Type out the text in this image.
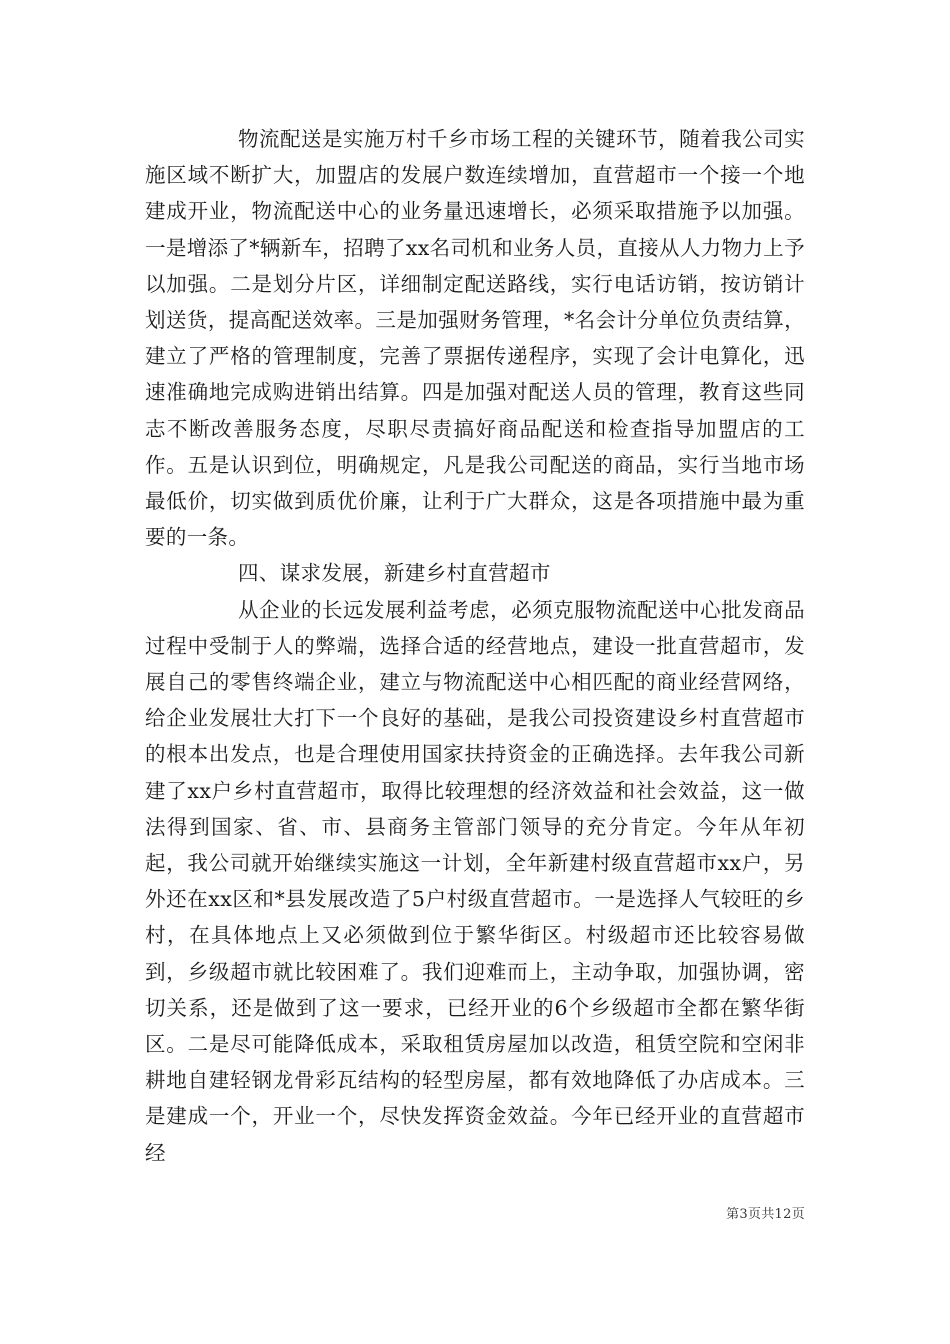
物流配送是实施万村千乡市场工程的关键环节，随着我公司实施区域不断扩大，加盟店的发展户数连续增加，直营超市一个接一个地建成开业，物流配送中心的业务量迅速增长，必须采取措施予以加强。一是增添了*辆新车，招聘了xx名司机和业务人员，直接从人力物力上予以加强。二是划分片区，详细制定配送路线，实行电话访销，按访销计划送货，提高配送效率。三是加强财务管理，*名会计分单位负责结算，建立了严格的管理制度，完善了票据传递程序，实现了会计电算化，迅速准确地完成购进销出结算。四是加强对配送人员的管理，教育这些同志不断改善服务态度，尽职尽责搞好商品配送和检查指导加盟店的工作。五是认识到位，明确规定，凡是我公司配送的商品，实行当地市场最低价，切实做到质优价廉，让利于广大群众，这是各项措施中最为重要的一条。

四、谋求发展，新建乡村直营超市

从企业的长远发展利益考虑，必须克服物流配送中心批发商品过程中受制于人的弊端，选择合适的经营地点，建设一批直营超市，发展自己的零售终端企业，建立与物流配送中心相匹配的商业经营网络，给企业发展壮大打下一个良好的基础，是我公司投资建设乡村直营超市的根本出发点，也是合理使用国家扶持资金的正确选择。去年我公司新建了xx户乡村直营超市，取得比较理想的经济效益和社会效益，这一做法得到国家、省、市、县商务主管部门领导的充分肯定。今年从年初起，我公司就开始继续实施这一计划，全年新建村级直营超市xx户，另外还在xx区和*县发展改造了5户村级直营超市。一是选择人气较旺的乡村，在具体地点上又必须做到位于繁华街区。村级超市还比较容易做到，乡级超市就比较困难了。我们迎难而上，主动争取，加强协调，密切关系，还是做到了这一要求，已经开业的6个乡级超市全都在繁华街区。二是尽可能降低成本，采取租赁房屋加以改造，租赁空院和空闲非耕地自建轻钢龙骨彩瓦结构的轻型房屋，都有效地降低了办店成本。三是建成一个，开业一个，尽快发挥资金效益。今年已经开业的直营超市经

第3页共12页
